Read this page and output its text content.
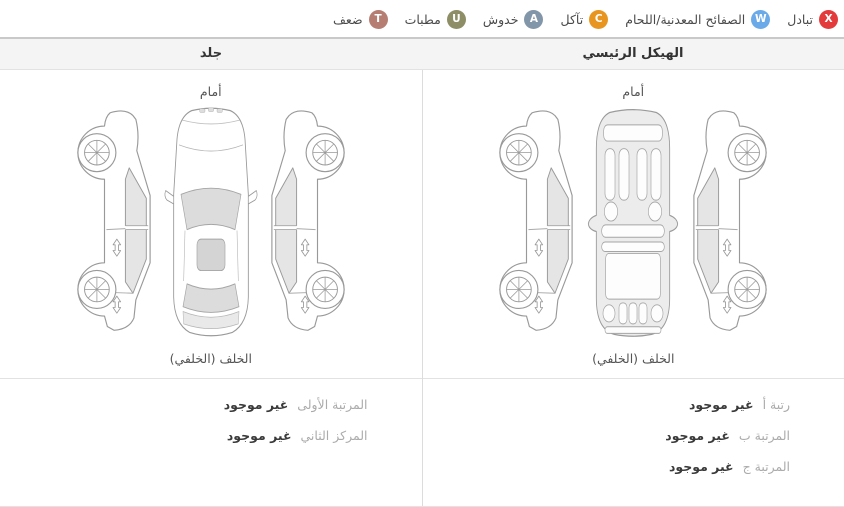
X
تبادل
W
الصفائح المعدنية/اللحام
C
تآكل
A
خدوش
U
مطبات
T
ضعف
الهيكل الرئيسي
جلد
أمام
الخلف (الخلفي)
رتبة أ
غير موجود
المرتبة ب
غير موجود
المرتبة ج
غير موجود
أمام
الخلف (الخلفي)
المرتبة الأولى
غير موجود
المركز الثاني
غير موجود
